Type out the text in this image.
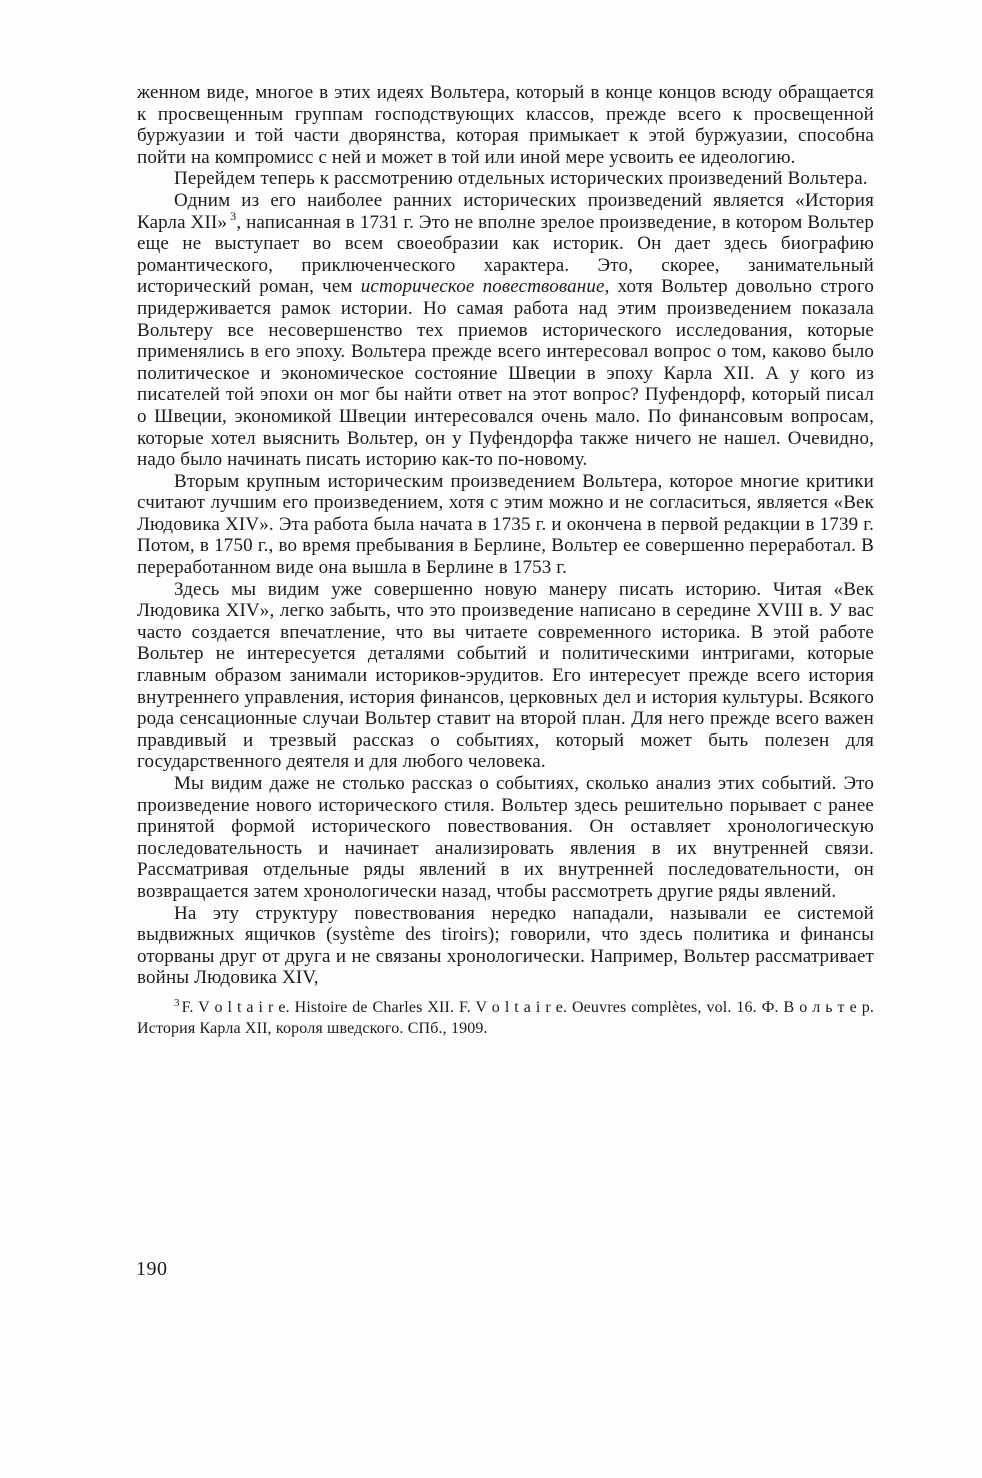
женном виде, многое в этих идеях Вольтера, который в конце концов всюду обращается к просвещенным группам господствующих классов, прежде всего к просвещенной буржуазии и той части дворянства, которая примыкает к этой буржуазии, способна пойти на компромисс с ней и может в той или иной мере усвоить ее идеологию.

Перейдем теперь к рассмотрению отдельных исторических произведений Вольтера.

Одним из его наиболее ранних исторических произведений является «История Карла XII» $^3$, написанная в 1731 г. Это не вполне зрелое произведение, в котором Вольтер еще не выступает во всем своеобразии как историк. Он дает здесь биографию романтического, приключенческого характера. Это, скорее, занимательный исторический роман, чем историческое повествование, хотя Вольтер довольно строго придерживается рамок истории. Но самая работа над этим произведением показала Вольтеру все несовершенство тех приемов исторического исследования, которые применялись в его эпоху. Вольтера прежде всего интересовал вопрос о том, каково было политическое и экономическое состояние Швеции в эпоху Карла XII. А у кого из писателей той эпохи он мог бы найти ответ на этот вопрос? Пуфендорф, который писал о Швеции, экономикой Швеции интересовался очень мало. По финансовым вопросам, которые хотел выяснить Вольтер, он у Пуфендорфа также ничего не нашел. Очевидно, надо было начинать писать историю как-то по-новому.

Вторым крупным историческим произведением Вольтера, которое многие критики считают лучшим его произведением, хотя с этим можно и не согласиться, является «Век Людовика XIV». Эта работа была начата в 1735 г. и окончена в первой редакции в 1739 г. Потом, в 1750 г., во время пребывания в Берлине, Вольтер ее совершенно переработал. В переработанном виде она вышла в Берлине в 1753 г.

Здесь мы видим уже совершенно новую манеру писать историю. Читая «Век Людовика XIV», легко забыть, что это произведение написано в середине XVIII в. У вас часто создается впечатление, что вы читаете современного историка. В этой работе Вольтер не интересуется деталями событий и политическими интригами, которые главным образом занимали историков-эрудитов. Его интересует прежде всего история внутреннего управления, история финансов, церковных дел и история культуры. Всякого рода сенсационные случаи Вольтер ставит на второй план. Для него прежде всего важен правдивый и трезвый рассказ о событиях, который может быть полезен для государственного деятеля и для любого человека.

Мы видим даже не столько рассказ о событиях, сколько анализ этих событий. Это произведение нового исторического стиля. Вольтер здесь решительно порывает с ранее принятой формой исторического повествования. Он оставляет хронологическую последовательность и начинает анализировать явления в их внутренней связи. Рассматривая отдельные ряды явлений в их внутренней последовательности, он возвращается затем хронологически назад, чтобы рассмотреть другие ряды явлений.

На эту структуру повествования нередко нападали, называли ее системой выдвижных ящичков (système des tiroirs); говорили, что здесь политика и финансы оторваны друг от друга и не связаны хронологически. Например, Вольтер рассматривает войны Людовика XIV,

$^3$ F. V o l t a i r e. Histoire de Charles XII. F. V o l t a i r e. Oeuvres complètes, vol. 16. Ф. В о л ь т е р. История Карла XII, короля шведского. СПб., 1909.
190
